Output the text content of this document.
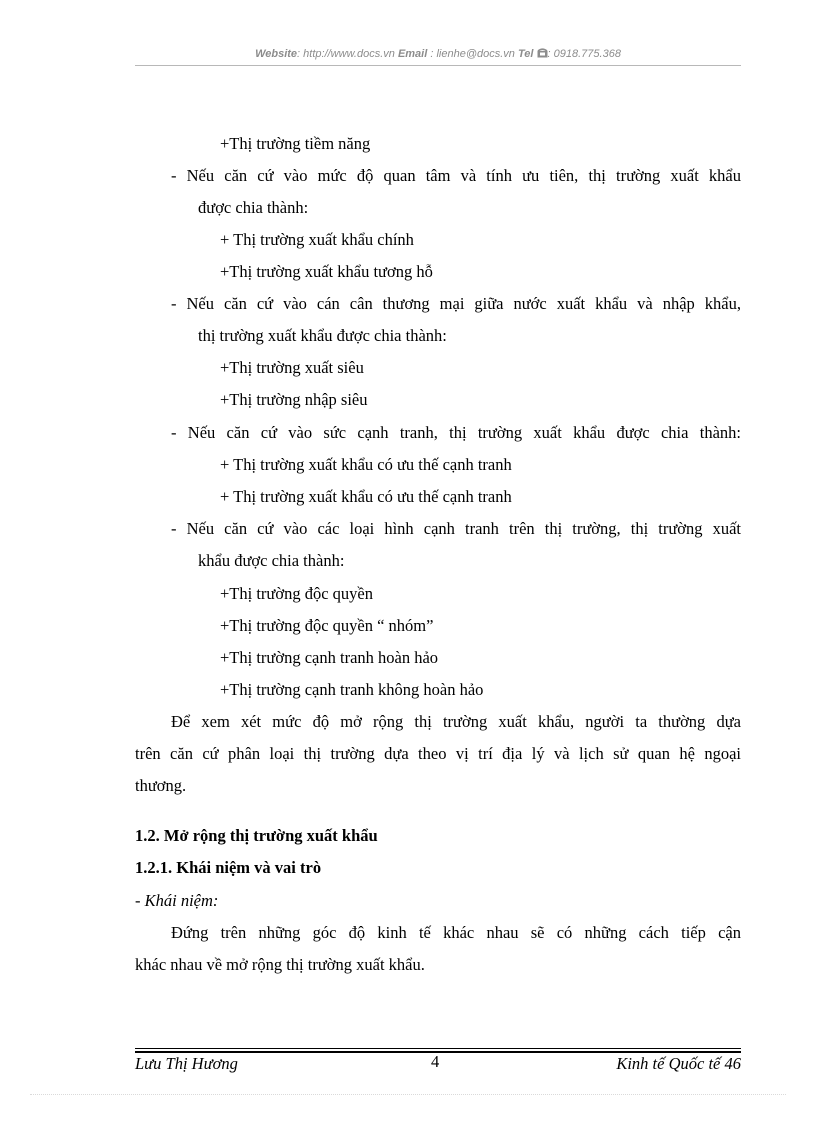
Website: http://www.docs.vn Email : lienhe@docs.vn Tel : 0918.775.368
+Thị trường tiềm năng
- Nếu căn cứ vào mức độ quan tâm và tính ưu tiên, thị trường xuất khẩu
được chia thành:
+ Thị trường xuất khẩu chính
+Thị trường xuất khẩu tương hỗ
- Nếu căn cứ vào cán cân thương mại giữa nước xuất khẩu và nhập khẩu,
thị trường xuất khẩu được chia thành:
+Thị trường xuất siêu
+Thị trường nhập siêu
- Nếu căn cứ vào sức cạnh tranh, thị trường xuất khẩu được chia thành:
+ Thị trường xuất khẩu có ưu thế cạnh tranh
+ Thị trường xuất khẩu có ưu thế cạnh tranh
- Nếu căn cứ vào các loại hình cạnh tranh trên thị trường, thị trường xuất
khẩu được chia thành:
+Thị trường độc quyền
+Thị trường độc quyền “ nhóm”
+Thị trường cạnh tranh hoàn hảo
+Thị trường cạnh tranh không hoàn hảo
Để xem xét mức độ mở rộng thị trường xuất khẩu, người ta thường dựa
trên căn cứ phân loại thị trường dựa theo vị trí địa lý và lịch sử quan hệ ngoại
thương.
1.2. Mở rộng thị trường xuất khẩu
1.2.1. Khái niệm và vai trò
- Khái niệm:
Đứng trên những góc độ kinh tế khác nhau sẽ có những cách tiếp cận
khác nhau về mở rộng thị trường xuất khẩu.
Lưu Thị Hương	4	Kinh tế Quốc tế 46
